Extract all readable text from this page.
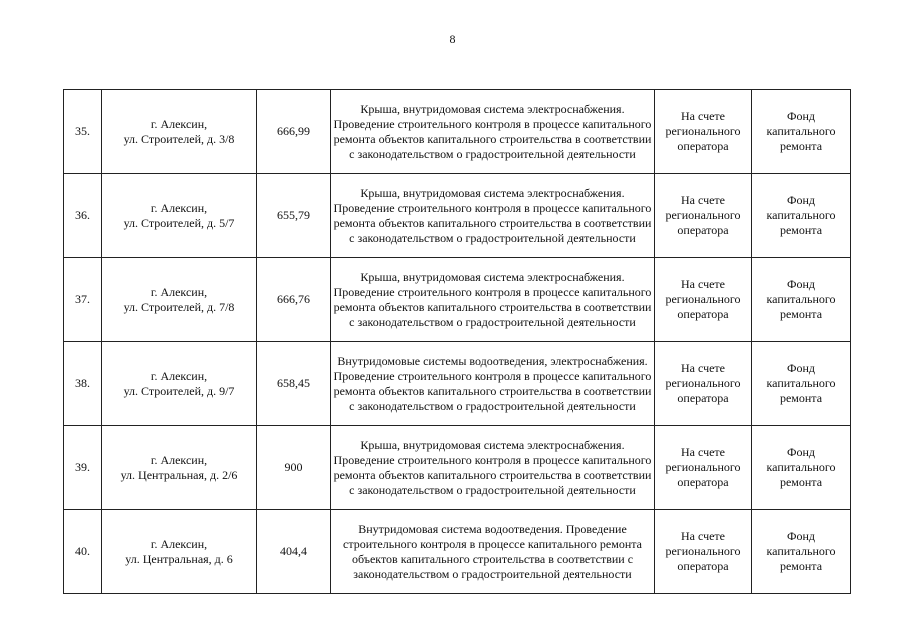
8
35.	г. Алексин,
ул. Строителей, д. 3/8	666,99	Крыша, внутридомовая система электроснабжения. Проведение строительного контроля в процессе капитального ремонта объектов капитального строительства в соответствии с законодательством о градостроительной деятельности	На счете регионального оператора	Фонд капитального ремонта
36.	г. Алексин,
ул. Строителей, д. 5/7	655,79	Крыша, внутридомовая система электроснабжения. Проведение строительного контроля в процессе капитального ремонта объектов капитального строительства в соответствии с законодательством о градостроительной деятельности	На счете регионального оператора	Фонд капитального ремонта
37.	г. Алексин,
ул. Строителей, д. 7/8	666,76	Крыша, внутридомовая система электроснабжения. Проведение строительного контроля в процессе капитального ремонта объектов капитального строительства в соответствии с законодательством о градостроительной деятельности	На счете регионального оператора	Фонд капитального ремонта
38.	г. Алексин,
ул. Строителей, д. 9/7	658,45	Внутридомовые системы водоотведения, электроснабжения. Проведение строительного контроля в процессе капитального ремонта объектов капитального строительства в соответствии с законодательством о градостроительной деятельности	На счете регионального оператора	Фонд капитального ремонта
39.	г. Алексин,
ул. Центральная, д. 2/6	900	Крыша, внутридомовая система электроснабжения. Проведение строительного контроля в процессе капитального ремонта объектов капитального строительства в соответствии с законодательством о градостроительной деятельности	На счете регионального оператора	Фонд капитального ремонта
40.	г. Алексин,
ул. Центральная, д. 6	404,4	Внутридомовая система водоотведения. Проведение строительного контроля в процессе капитального ремонта объектов капитального строительства в соответствии с законодательством о градостроительной деятельности	На счете регионального оператора	Фонд капитального ремонта
